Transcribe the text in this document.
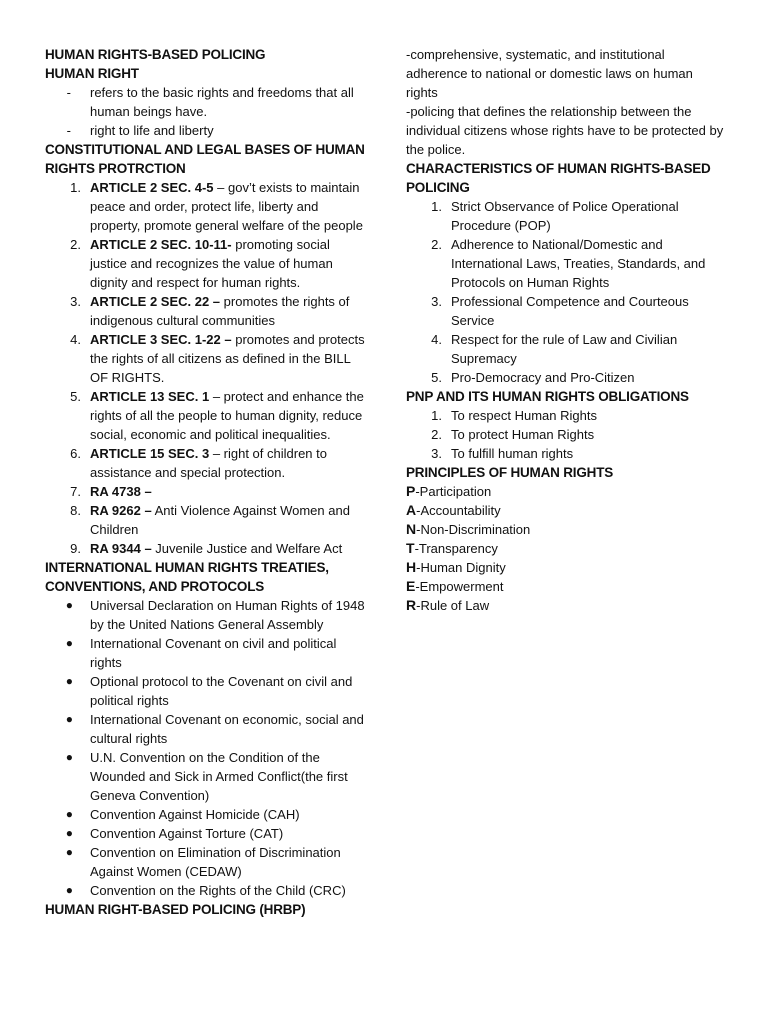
HUMAN RIGHTS-BASED POLICING

HUMAN RIGHT

- refers to the basic rights and freedoms that all human beings have.
- right to life and liberty

CONSTITUTIONAL AND LEGAL BASES OF HUMAN RIGHTS PROTRCTION

1. ARTICLE 2 SEC. 4-5 – gov’t exists to maintain peace and order, protect life, liberty and property, promote general welfare of the people
2. ARTICLE 2 SEC. 10-11- promoting social justice and recognizes the value of human dignity and respect for human rights.
3. ARTICLE 2 SEC. 22 – promotes the rights of indigenous cultural communities
4. ARTICLE 3 SEC. 1-22 – promotes and protects the rights of all citizens as defined in the BILL OF RIGHTS.
5. ARTICLE 13 SEC. 1 – protect and enhance the rights of all the people to human dignity, reduce social, economic and political inequalities.
6. ARTICLE 15 SEC. 3 – right of children to assistance and special protection.
7. RA 4738 –
8. RA 9262 – Anti Violence Against Women and Children
9. RA 9344 – Juvenile Justice and Welfare Act

INTERNATIONAL HUMAN RIGHTS TREATIES, CONVENTIONS, AND PROTOCOLS

● Universal Declaration on Human Rights of 1948 by the United Nations General Assembly
● International Covenant on civil and political rights
● Optional protocol to the Covenant on civil and political rights
● International Covenant on economic, social and cultural rights
● U.N. Convention on the Condition of the Wounded and Sick in Armed Conflict(the first Geneva Convention)
● Convention Against Homicide (CAH)
● Convention Against Torture (CAT)
● Convention on Elimination of Discrimination Against Women (CEDAW)
● Convention on the Rights of the Child (CRC)

HUMAN RIGHT-BASED POLICING (HRBP)

-comprehensive, systematic, and institutional adherence to national or domestic laws on human rights

-policing that defines the relationship between the individual citizens whose rights have to be protected by the police.

CHARACTERISTICS OF HUMAN RIGHTS-BASED POLICING

1. Strict Observance of Police Operational Procedure (POP)
2. Adherence to National/Domestic and International Laws, Treaties, Standards, and Protocols on Human Rights
3. Professional Competence and Courteous Service
4. Respect for the rule of Law and Civilian Supremacy
5. Pro-Democracy and Pro-Citizen

PNP AND ITS HUMAN RIGHTS OBLIGATIONS

1. To respect Human Rights
2. To protect Human Rights
3. To fulfill human rights

PRINCIPLES OF HUMAN RIGHTS

P-Participation

A-Accountability

N-Non-Discrimination

T-Transparency

H-Human Dignity

E-Empowerment

R-Rule of Law
